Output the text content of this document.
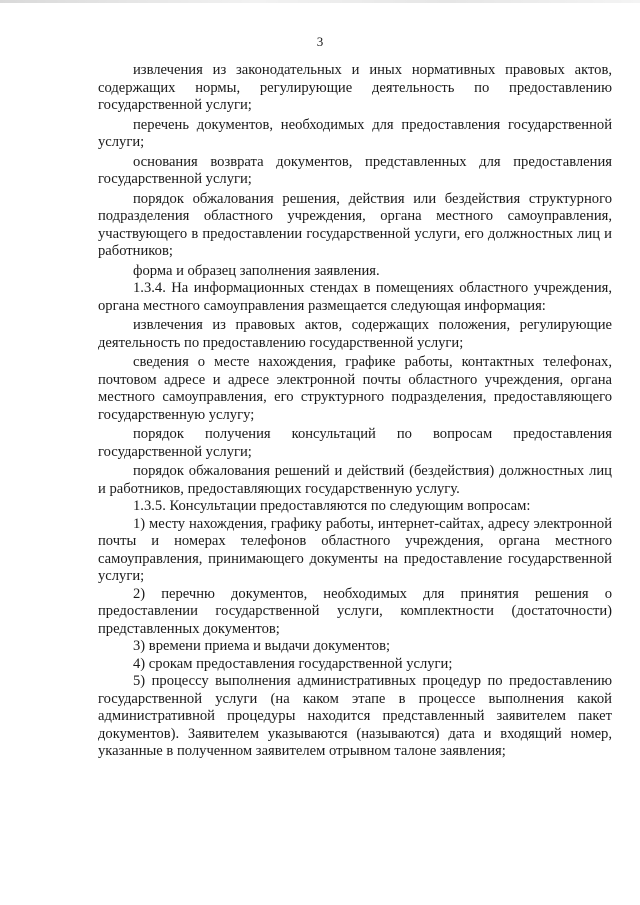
3

извлечения из законодательных и иных нормативных правовых актов, содержащих нормы, регулирующие деятельность по предоставлению государственной услуги;

перечень документов, необходимых для предоставления государственной услуги;

основания возврата документов, представленных для предоставления государственной услуги;

порядок обжалования решения, действия или бездействия структурного подразделения областного учреждения, органа местного самоуправления, участвующего в предоставлении государственной услуги, его должностных лиц и работников;

форма и образец заполнения заявления.

1.3.4. На информационных стендах в помещениях областного учреждения, органа местного самоуправления размещается следующая информация:

извлечения из правовых актов, содержащих положения, регулирующие деятельность по предоставлению государственной услуги;

сведения о месте нахождения, графике работы, контактных телефонах, почтовом адресе и адресе электронной почты областного учреждения, органа местного самоуправления, его структурного подразделения, предоставляющего государственную услугу;

порядок получения консультаций по вопросам предоставления государственной услуги;

порядок обжалования решений и действий (бездействия) должностных лиц и работников, предоставляющих государственную услугу.

1.3.5. Консультации предоставляются по следующим вопросам:

1) месту нахождения, графику работы, интернет-сайтах, адресу электронной почты и номерах телефонов областного учреждения, органа местного самоуправления, принимающего документы на предоставление государственной услуги;

2) перечню документов, необходимых для принятия решения о предоставлении государственной услуги, комплектности (достаточности) представленных документов;

3) времени приема и выдачи документов;

4) срокам предоставления государственной услуги;

5) процессу выполнения административных процедур по предоставлению государственной услуги (на каком этапе в процессе выполнения какой административной процедуры находится представленный заявителем пакет документов). Заявителем указываются (называются) дата и входящий номер, указанные в полученном заявителем отрывном талоне заявления;
